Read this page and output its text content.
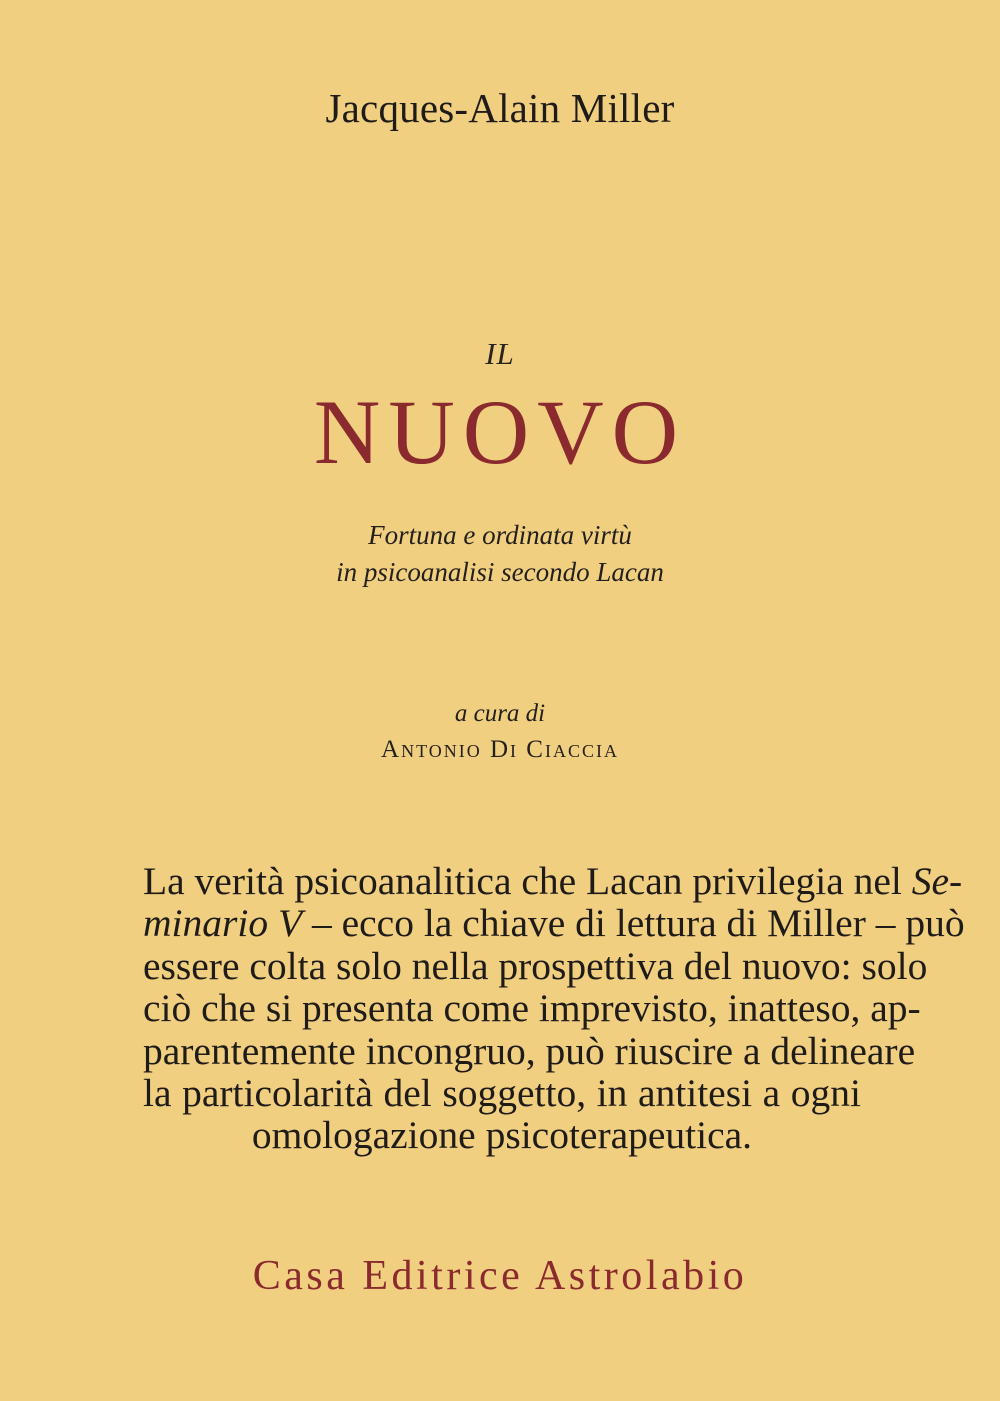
Jacques-Alain Miller
IL
NUOVO
Fortuna e ordinata virtù
in psicoanalisi secondo Lacan
a cura di
Antonio Di Ciaccia
La verità psicoanalitica che Lacan privilegia nel Se-
minario V – ecco la chiave di lettura di Miller – può
essere colta solo nella prospettiva del nuovo: solo
ciò che si presenta come imprevisto, inatteso, ap-
parentemente incongruo, può riuscire a delineare
la particolarità del soggetto, in antitesi a ogni
omologazione psicoterapeutica.
Casa Editrice Astrolabio
